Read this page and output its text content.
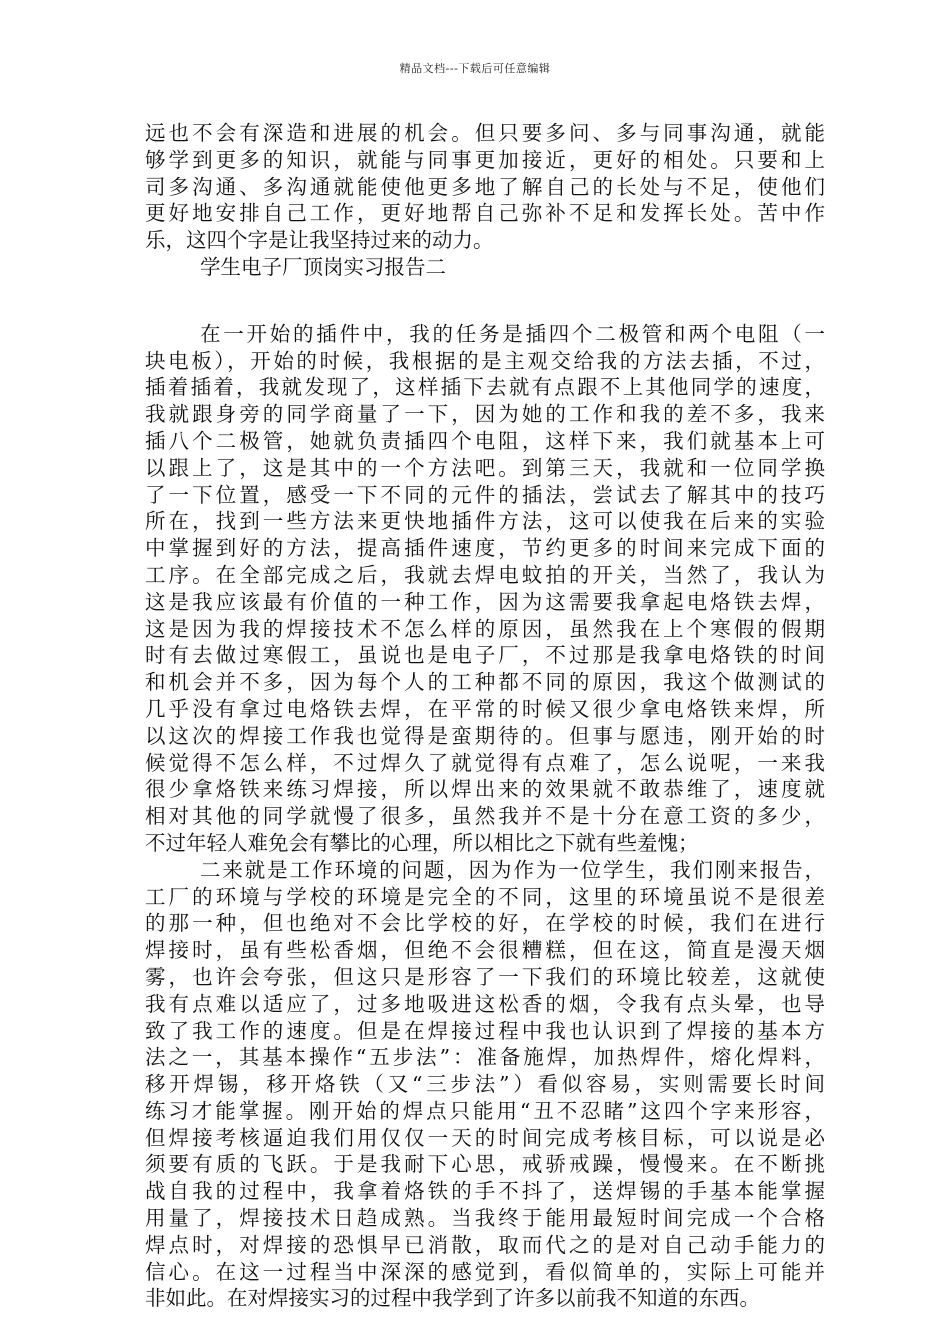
精品文档---下载后可任意编辑
远也不会有深造和进展的机会。但只要多问、多与同事沟通，就能
够学到更多的知识，就能与同事更加接近，更好的相处。只要和上
司多沟通、多沟通就能使他更多地了解自己的长处与不足，使他们
更好地安排自己工作，更好地帮自己弥补不足和发挥长处。苦中作
乐，这四个字是让我坚持过来的动力。
学生电子厂顶岗实习报告二
在一开始的插件中，我的任务是插四个二极管和两个电阻（一
块电板），开始的时候，我根据的是主观交给我的方法去插，不过，
插着插着，我就发现了，这样插下去就有点跟不上其他同学的速度，
我就跟身旁的同学商量了一下，因为她的工作和我的差不多，我来
插八个二极管，她就负责插四个电阻，这样下来，我们就基本上可
以跟上了，这是其中的一个方法吧。到第三天，我就和一位同学换
了一下位置，感受一下不同的元件的插法，尝试去了解其中的技巧
所在，找到一些方法来更快地插件方法，这可以使我在后来的实验
中掌握到好的方法，提高插件速度，节约更多的时间来完成下面的
工序。在全部完成之后，我就去焊电蚊拍的开关，当然了，我认为
这是我应该最有价值的一种工作，因为这需要我拿起电烙铁去焊，
这是因为我的焊接技术不怎么样的原因，虽然我在上个寒假的假期
时有去做过寒假工，虽说也是电子厂，不过那是我拿电烙铁的时间
和机会并不多，因为每个人的工种都不同的原因，我这个做测试的
几乎没有拿过电烙铁去焊，在平常的时候又很少拿电烙铁来焊，所
以这次的焊接工作我也觉得是蛮期待的。但事与愿违，刚开始的时
候觉得不怎么样，不过焊久了就觉得有点难了，怎么说呢，一来我
很少拿烙铁来练习焊接，所以焊出来的效果就不敢恭维了，速度就
相对其他的同学就慢了很多，虽然我并不是十分在意工资的多少，
不过年轻人难免会有攀比的心理，所以相比之下就有些羞愧；
二来就是工作环境的问题，因为作为一位学生，我们刚来报告，
工厂的环境与学校的环境是完全的不同，这里的环境虽说不是很差
的那一种，但也绝对不会比学校的好，在学校的时候，我们在进行
焊接时，虽有些松香烟，但绝不会很糟糕，但在这，简直是漫天烟
雾，也许会夸张，但这只是形容了一下我们的环境比较差，这就使
我有点难以适应了，过多地吸进这松香的烟，令我有点头晕，也导
致了我工作的速度。但是在焊接过程中我也认识到了焊接的基本方
法之一，其基本操作“五步法”：准备施焊，加热焊件，熔化焊料，
移开焊锡，移开烙铁（又“三步法”）看似容易，实则需要长时间
练习才能掌握。刚开始的焊点只能用“丑不忍睹”这四个字来形容，
但焊接考核逼迫我们用仅仅一天的时间完成考核目标，可以说是必
须要有质的飞跃。于是我耐下心思，戒骄戒躁，慢慢来。在不断挑
战自我的过程中，我拿着烙铁的手不抖了，送焊锡的手基本能掌握
用量了，焊接技术日趋成熟。当我终于能用最短时间完成一个合格
焊点时，对焊接的恐惧早已消散，取而代之的是对自己动手能力的
信心。在这一过程当中深深的感觉到，看似简单的，实际上可能并
非如此。在对焊接实习的过程中我学到了许多以前我不知道的东西。
